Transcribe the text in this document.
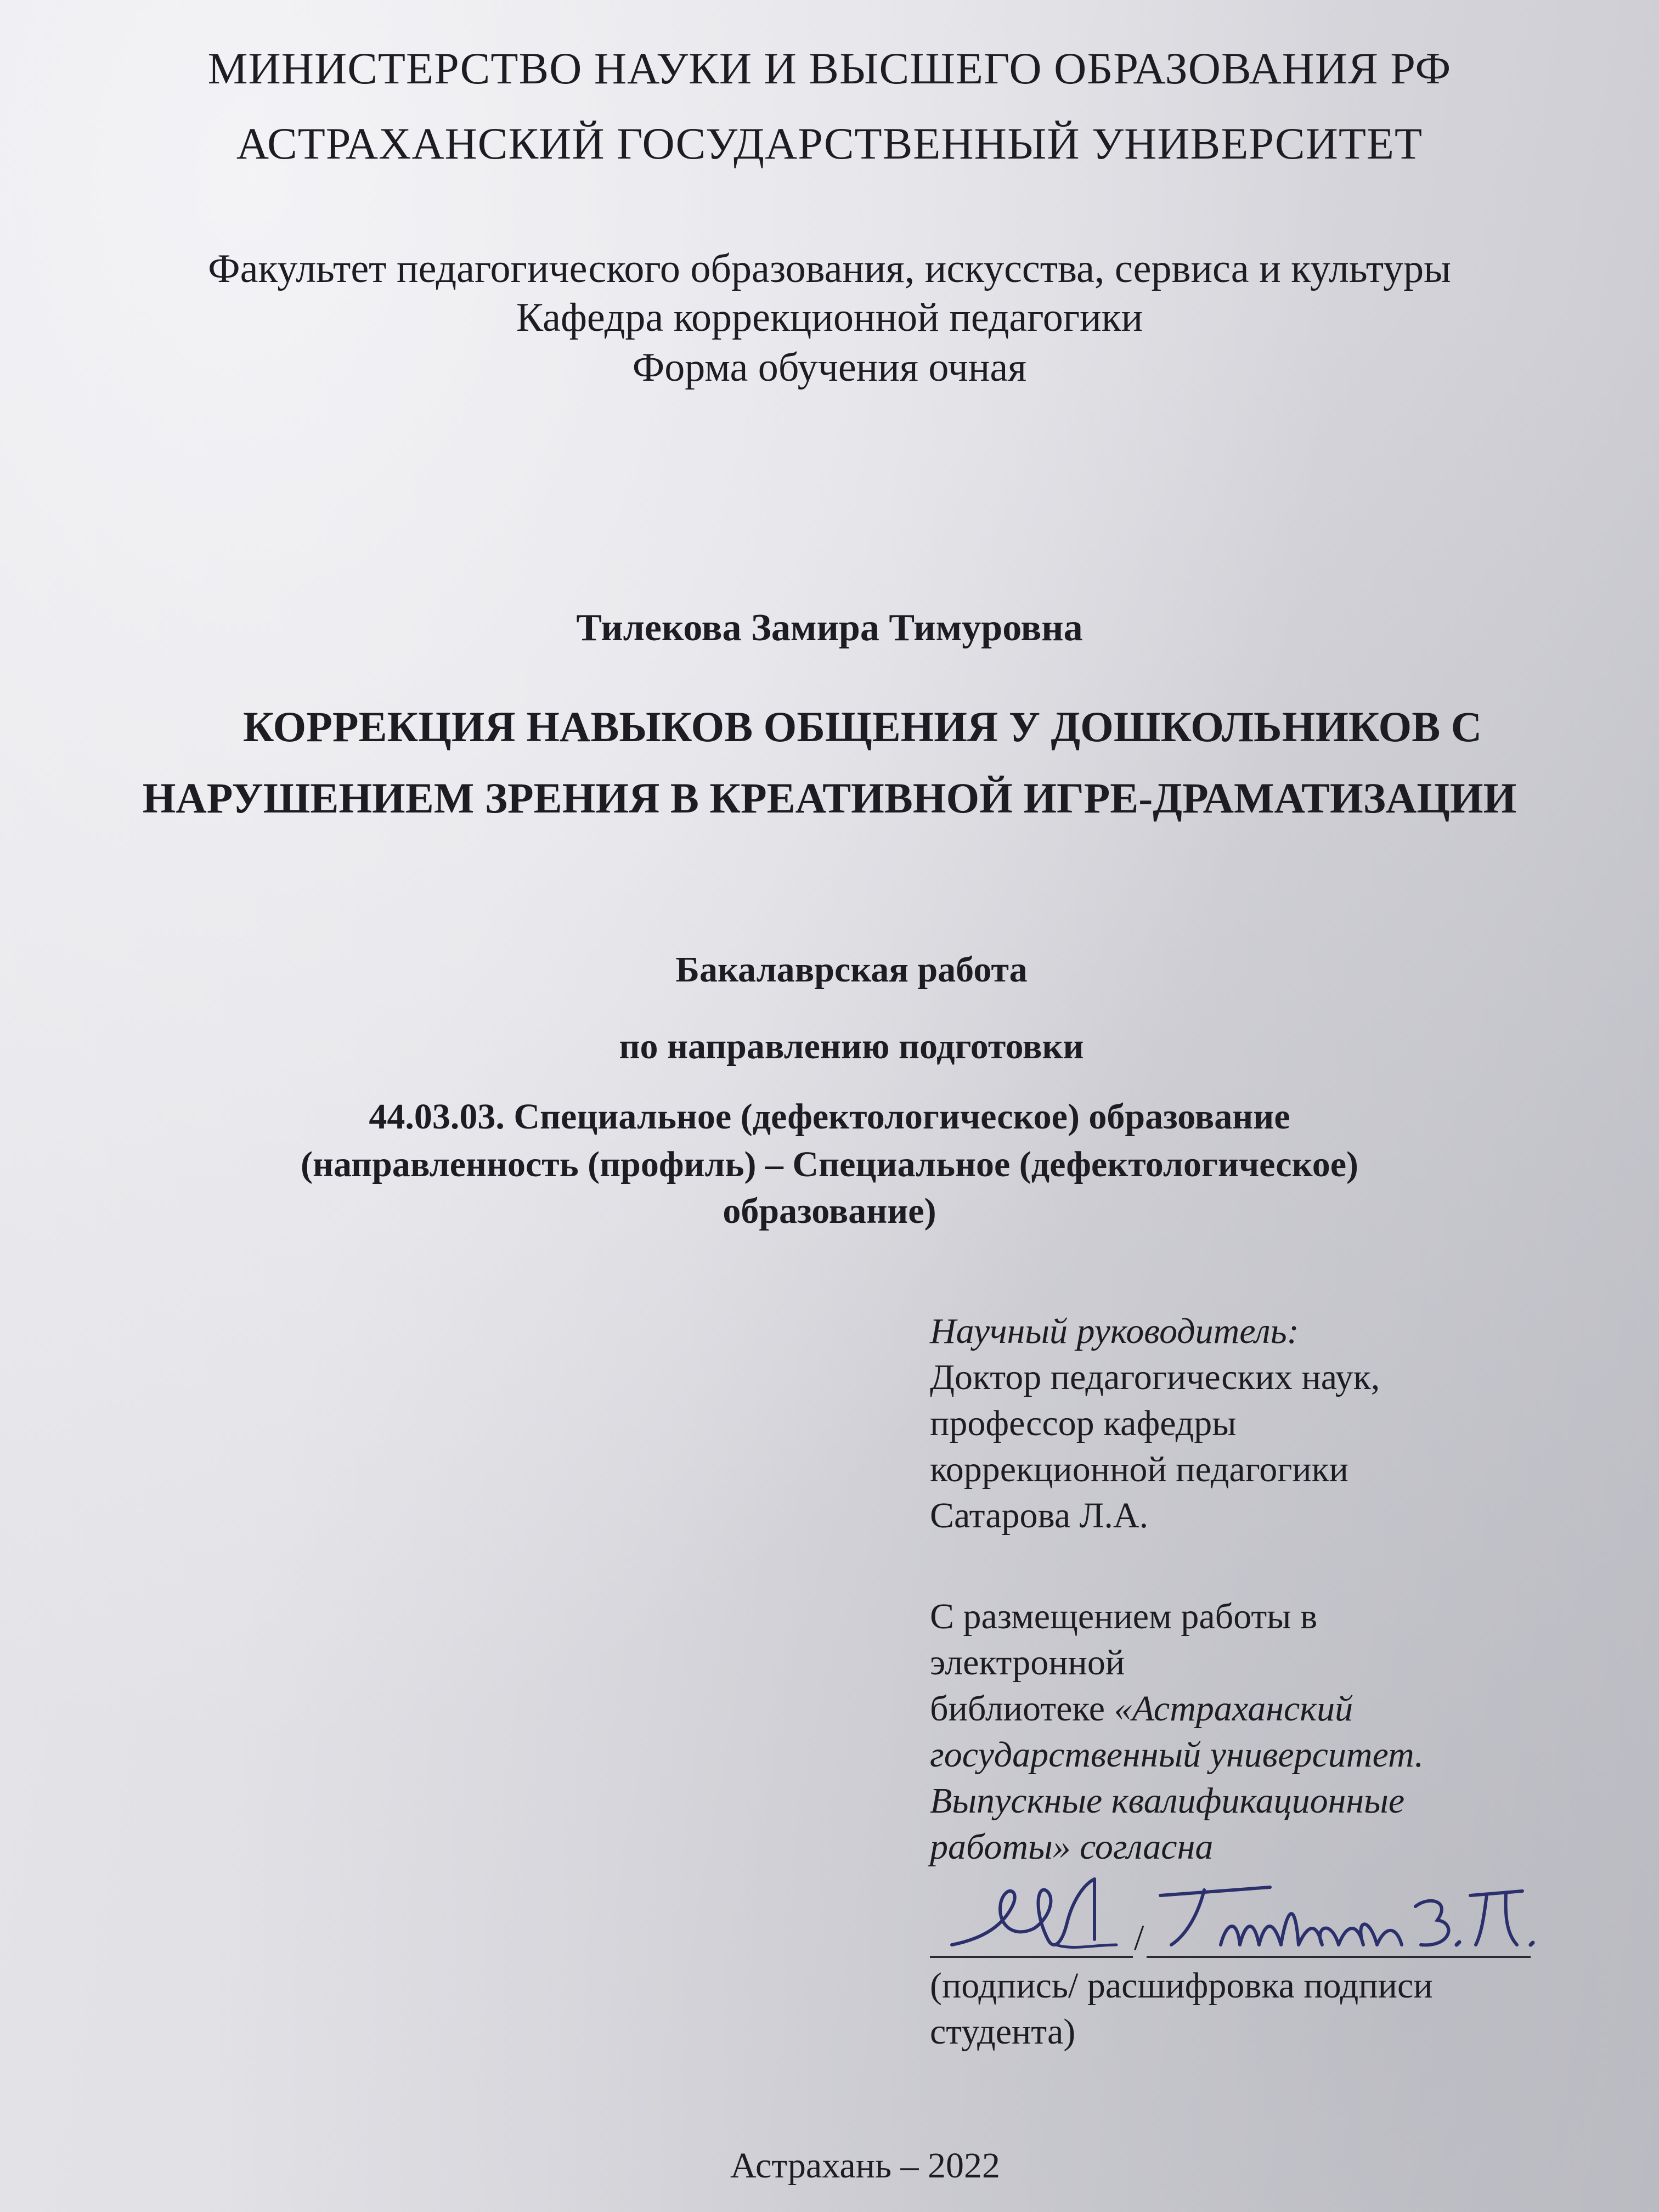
МИНИСТЕРСТВО НАУКИ И ВЫСШЕГО ОБРАЗОВАНИЯ РФ

АСТРАХАНСКИЙ ГОСУДАРСТВЕННЫЙ УНИВЕРСИТЕТ

Факультет педагогического образования, искусства, сервиса и культуры

Кафедра коррекционной педагогики

Форма обучения очная

Тилекова Замира Тимуровна

КОРРЕКЦИЯ НАВЫКОВ ОБЩЕНИЯ У ДОШКОЛЬНИКОВ С

НАРУШЕНИЕМ ЗРЕНИЯ В КРЕАТИВНОЙ ИГРЕ-ДРАМАТИЗАЦИИ

Бакалаврская работа

по направлению подготовки

44.03.03. Специальное (дефектологическое) образование

(направленность (профиль) – Специальное (дефектологическое)

образование)

Научный руководитель:

Доктор педагогических наук,

профессор кафедры

коррекционной педагогики

Сатарова Л.А.

С размещением работы в

электронной

библиотеке «Астраханский

государственный университет.

Выпускные квалификационные

работы» согласна

/

(подпись/ расшифровка подписи

студента)

Астрахань – 2022
